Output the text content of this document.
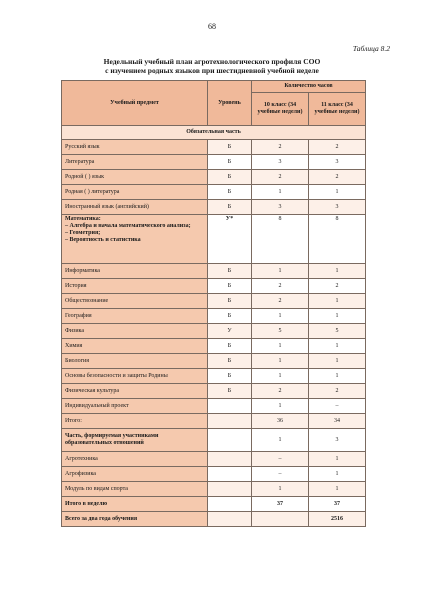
68
Таблица 8.2
Недельный учебный план агротехнологического профиля СОО
с изучением родных языков при шестидневной учебной неделе
Учебный предмет	Уровень	Количество часов	
		10 класс (34 учебные недели)	11 класс (34 учебные недели)
Обязательная часть			
Русский язык	Б	2	2
Литература	Б	3	3
Родной ( ) язык	Б	2	2
Родная ( ) литература	Б	1	1
Иностранный язык (английский)	Б	3	3

Математика:
– Алгебра и начала математического анализа;
– Геометрия;
– Вероятность и статистика	У*	8	8
Информатика	Б	1	1
История	Б	2	2
Обществознание	Б	2	1
География	Б	1	1
Физика	У	5	5
Химия	Б	1	1
Биология	Б	1	1
Основы безопасности и защиты Родины	Б	1	1
Физическая культура	Б	2	2
Индивидуальный проект		1	–
Итого:		36	34
Часть, формируемая участниками образовательных отношений		1	3
Агротехника		–	1
Агрофизика		–	1
Модуль по видам спорта		1	1
Итого в неделю		37	37
Всего за два года обучения			2516
